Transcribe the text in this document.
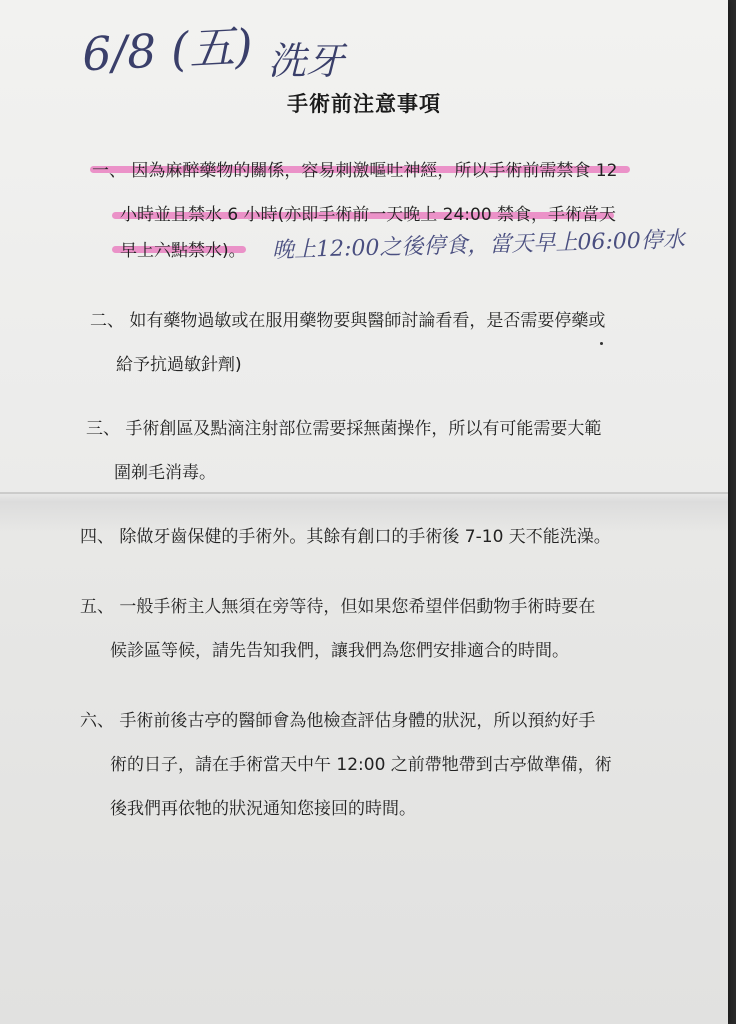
6/8 (五) 洗牙
手術前注意事項
一、 因為麻醉藥物的關係，容易刺激嘔吐神經，所以手術前需禁食 12
小時並且禁水 6 小時(亦即手術前一天晚上 24:00 禁食，手術當天
早上六點禁水)。 晚上12:00之後停食，當天早上06:00停水
二、 如有藥物過敏或在服用藥物要與醫師討論看看，是否需要停藥或
給予抗過敏針劑)
三、 手術創區及點滴注射部位需要採無菌操作，所以有可能需要大範
圍剃毛消毒。
四、 除做牙齒保健的手術外。其餘有創口的手術後 7-10 天不能洗澡。
五、 一般手術主人無須在旁等待，但如果您希望伴侶動物手術時要在
候診區等候，請先告知我們，讓我們為您們安排適合的時間。
六、 手術前後古亭的醫師會為他檢查評估身體的狀況，所以預約好手
術的日子，請在手術當天中午 12:00 之前帶牠帶到古亭做準備，術
後我們再依牠的狀況通知您接回的時間。
